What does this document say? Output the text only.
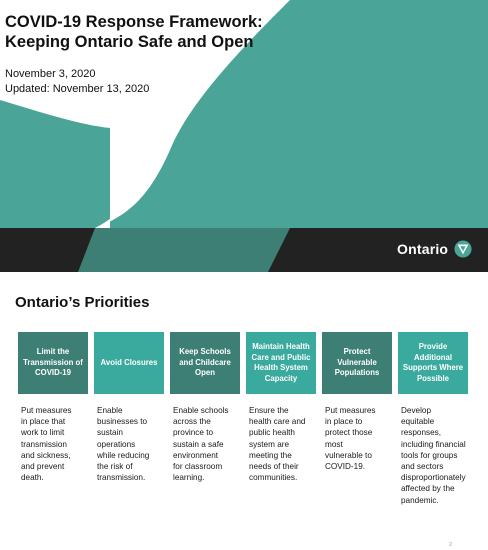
COVID-19 Response Framework:
Keeping Ontario Safe and Open
November 3, 2020
Updated: November 13, 2020
Ontario
Ontario’s Priorities
Limit the Transmission of COVID-19
Put measures
in place that
work to limit
transmission
and sickness,
and prevent
death.
Avoid Closures
Enable
businesses to
sustain
operations
while reducing
the risk of
transmission.
Keep Schools and Childcare Open
Enable schools
across the
province to
sustain a safe
environment
for classroom
learning.
Maintain Health Care and Public Health System Capacity
Ensure the
health care and
public health
system are
meeting the
needs of their
communities.
Protect Vulnerable Populations
Put measures
in place to
protect those
most
vulnerable to
COVID-19.
Provide Additional Supports Where Possible
Develop equitable
responses,
including financial
tools for groups
and sectors
disproportionately
affected by the
pandemic.
2
